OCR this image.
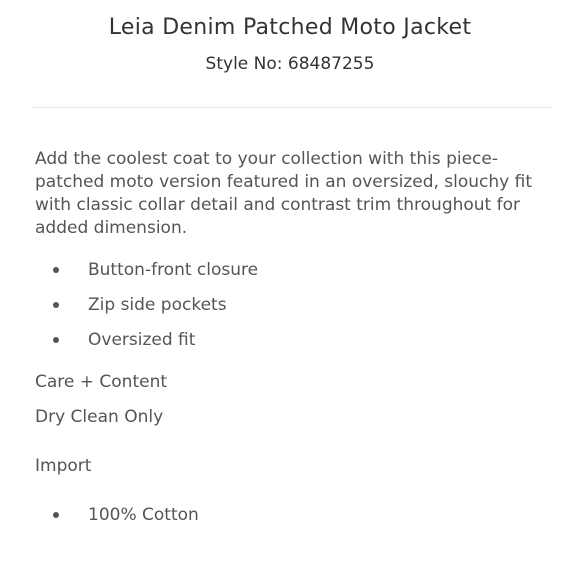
Leia Denim Patched Moto Jacket
Style No: 68487255

Add the coolest coat to your collection with this piece-patched moto version featured in an oversized, slouchy fit with classic collar detail and contrast trim throughout for added dimension.

Button-front closure
Zip side pockets
Oversized fit

Care + Content

Dry Clean Only

Import

100% Cotton
